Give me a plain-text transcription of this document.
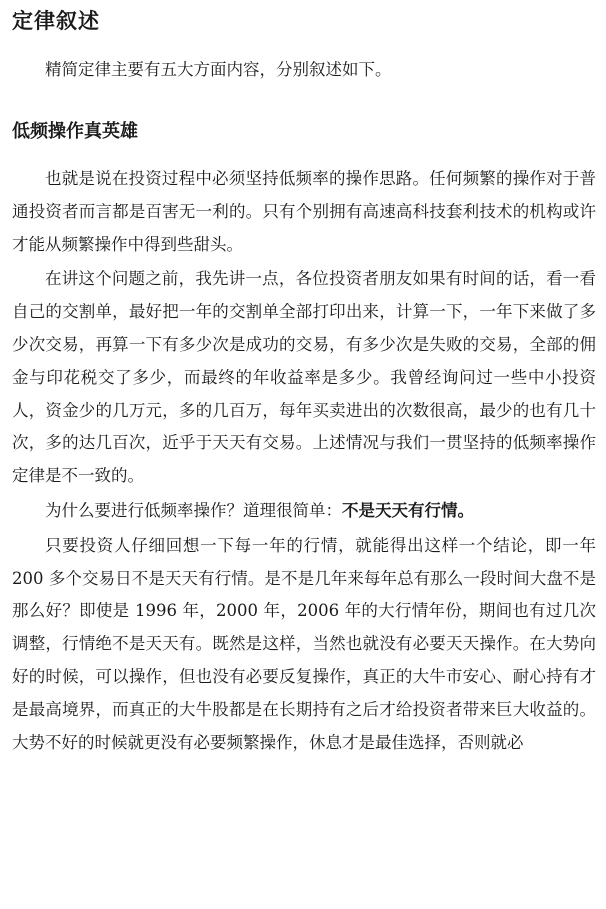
定律叙述

精简定律主要有五大方面内容，分别叙述如下。

低频操作真英雄

也就是说在投资过程中必须坚持低频率的操作思路。任何频繁的操作对于普通投资者而言都是百害无一利的。只有个别拥有高速高科技套利技术的机构或许才能从频繁操作中得到些甜头。

在讲这个问题之前，我先讲一点，各位投资者朋友如果有时间的话，看一看自己的交割单，最好把一年的交割单全部打印出来，计算一下，一年下来做了多少次交易，再算一下有多少次是成功的交易，有多少次是失败的交易，全部的佣金与印花税交了多少，而最终的年收益率是多少。我曾经询问过一些中小投资人，资金少的几万元，多的几百万，每年买卖进出的次数很高，最少的也有几十次，多的达几百次，近乎于天天有交易。上述情况与我们一贯坚持的低频率操作定律是不一致的。

为什么要进行低频率操作？道理很简单：不是天天有行情。

只要投资人仔细回想一下每一年的行情，就能得出这样一个结论，即一年 200 多个交易日不是天天有行情。是不是几年来每年总有那么一段时间大盘不是那么好？即使是 1996 年，2000 年，2006 年的大行情年份，期间也有过几次调整，行情绝不是天天有。既然是这样，当然也就没有必要天天操作。在大势向好的时候，可以操作，但也没有必要反复操作，真正的大牛市安心、耐心持有才是最高境界，而真正的大牛股都是在长期持有之后才给投资者带来巨大收益的。大势不好的时候就更没有必要频繁操作，休息才是最佳选择，否则就必
